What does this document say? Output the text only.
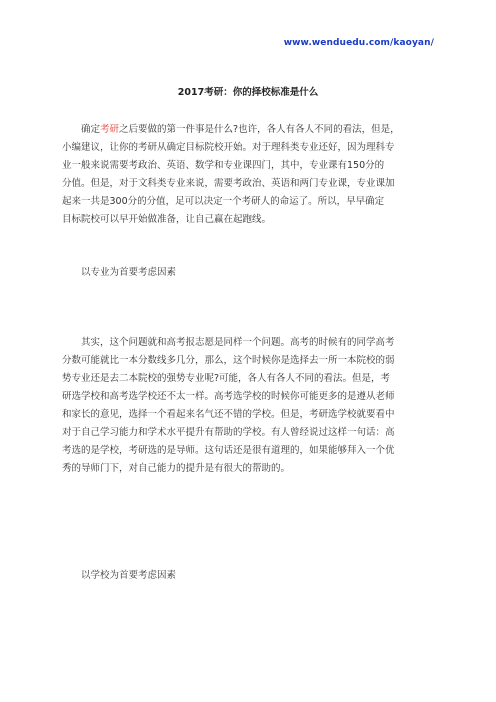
www.wenduedu.com/kaoyan/
2017考研：你的择校标准是什么
确定考研之后要做的第一件事是什么?也许，各人有各人不同的看法，但是，
小编建议，让你的考研从确定目标院校开始。对于理科类专业还好，因为理科专
业一般来说需要考政治、英语、数学和专业课四门，其中，专业课有150分的
分值。但是，对于文科类专业来说，需要考政治、英语和两门专业课，专业课加
起来一共是300分的分值，足可以决定一个考研人的命运了。所以，早早确定
目标院校可以早开始做准备，让自己赢在起跑线。
以专业为首要考虑因素
其实，这个问题就和高考报志愿是同样一个问题。高考的时候有的同学高考
分数可能就比一本分数线多几分，那么，这个时候你是选择去一所一本院校的弱
势专业还是去二本院校的强势专业呢?可能，各人有各人不同的看法。但是，考
研选学校和高考选学校还不太一样。高考选学校的时候你可能更多的是遵从老师
和家长的意见，选择一个看起来名气还不错的学校。但是，考研选学校就要看中
对于自己学习能力和学术水平提升有帮助的学校。有人曾经说过这样一句话：高
考选的是学校，考研选的是导师。这句话还是很有道理的，如果能够拜入一个优
秀的导师门下，对自己能力的提升是有很大的帮助的。
以学校为首要考虑因素
